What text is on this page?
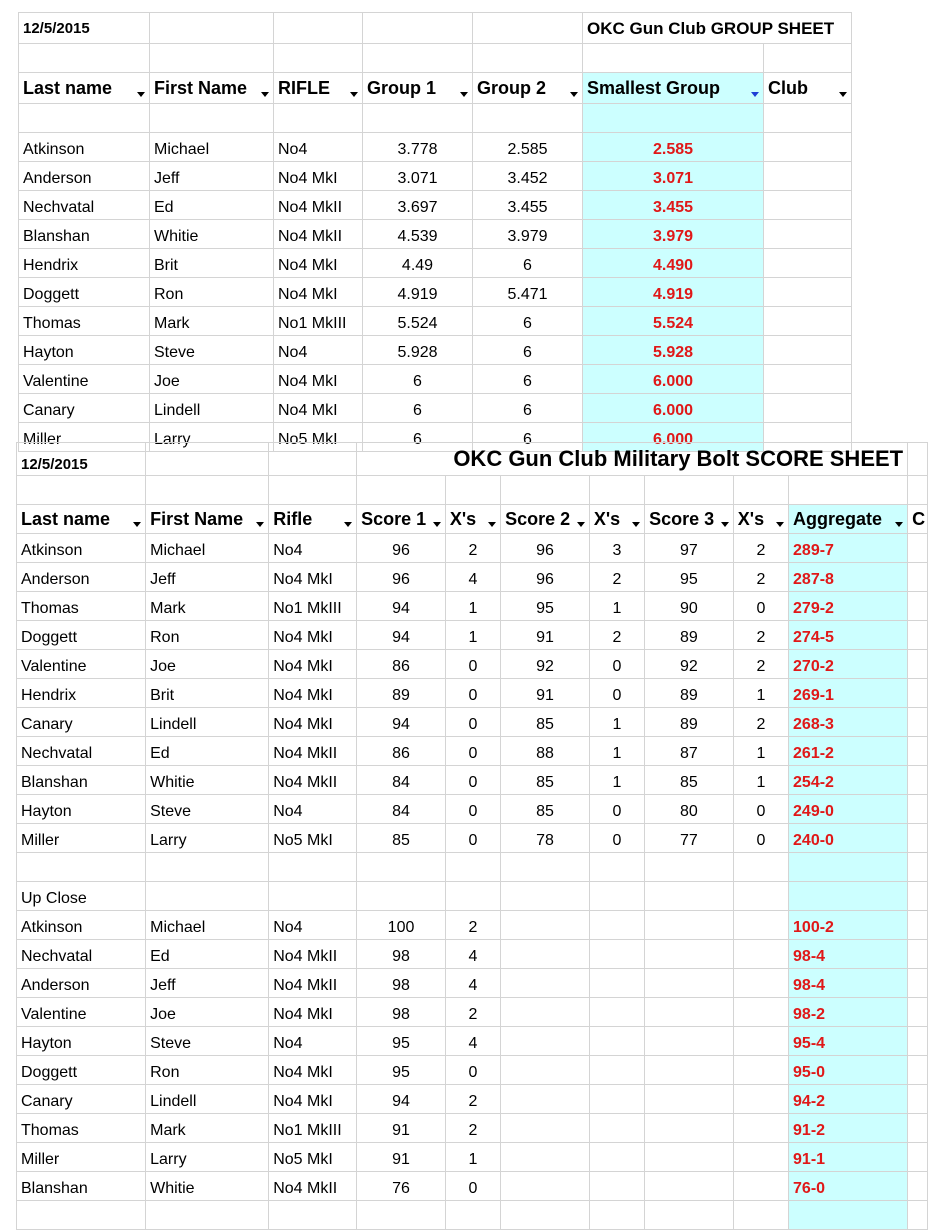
12/5/2015					OKC Gun Club GROUP SHEET	

Last name	First Name	RIFLE	Group 1	Group 2	Smallest Group	Club

Atkinson	Michael	No4	3.778	2.585	2.585	
Anderson	Jeff	No4 MkI	3.071	3.452	3.071	
Nechvatal	Ed	No4 MkII	3.697	3.455	3.455	
Blanshan	Whitie	No4 MkII	4.539	3.979	3.979	
Hendrix	Brit	No4 MkI	4.49	6	4.490	
Doggett	Ron	No4 MkI	4.919	5.471	4.919	
Thomas	Mark	No1 MkIII	5.524	6	5.524	
Hayton	Steve	No4	5.928	6	5.928	
Valentine	Joe	No4 MkI	6	6	6.000	
Canary	Lindell	No4 MkI	6	6	6.000	
Miller	Larry	No5 MkI	6	6	6.000	
12/5/2015			OKC Gun Club Military Bolt SCORE SHEET							

Last name	First Name	Rifle	Score 1	X's	Score 2	X's	Score 3	X's	Aggregate	C
Atkinson	Michael	No4	96	2	96	3	97	2	289-7	
Anderson	Jeff	No4 MkI	96	4	96	2	95	2	287-8	
Thomas	Mark	No1 MkIII	94	1	95	1	90	0	279-2	
Doggett	Ron	No4 MkI	94	1	91	2	89	2	274-5	
Valentine	Joe	No4 MkI	86	0	92	0	92	2	270-2	
Hendrix	Brit	No4 MkI	89	0	91	0	89	1	269-1	
Canary	Lindell	No4 MkI	94	0	85	1	89	2	268-3	
Nechvatal	Ed	No4 MkII	86	0	88	1	87	1	261-2	
Blanshan	Whitie	No4 MkII	84	0	85	1	85	1	254-2	
Hayton	Steve	No4	84	0	85	0	80	0	249-0	
Miller	Larry	No5 MkI	85	0	78	0	77	0	240-0	

Up Close										
Atkinson	Michael	No4	100	2					100-2	
Nechvatal	Ed	No4 MkII	98	4					98-4	
Anderson	Jeff	No4 MkII	98	4					98-4	
Valentine	Joe	No4 MkI	98	2					98-2	
Hayton	Steve	No4	95	4					95-4	
Doggett	Ron	No4 MkI	95	0					95-0	
Canary	Lindell	No4 MkI	94	2					94-2	
Thomas	Mark	No1 MkIII	91	2					91-2	
Miller	Larry	No5 MkI	91	1					91-1	
Blanshan	Whitie	No4 MkII	76	0					76-0	
